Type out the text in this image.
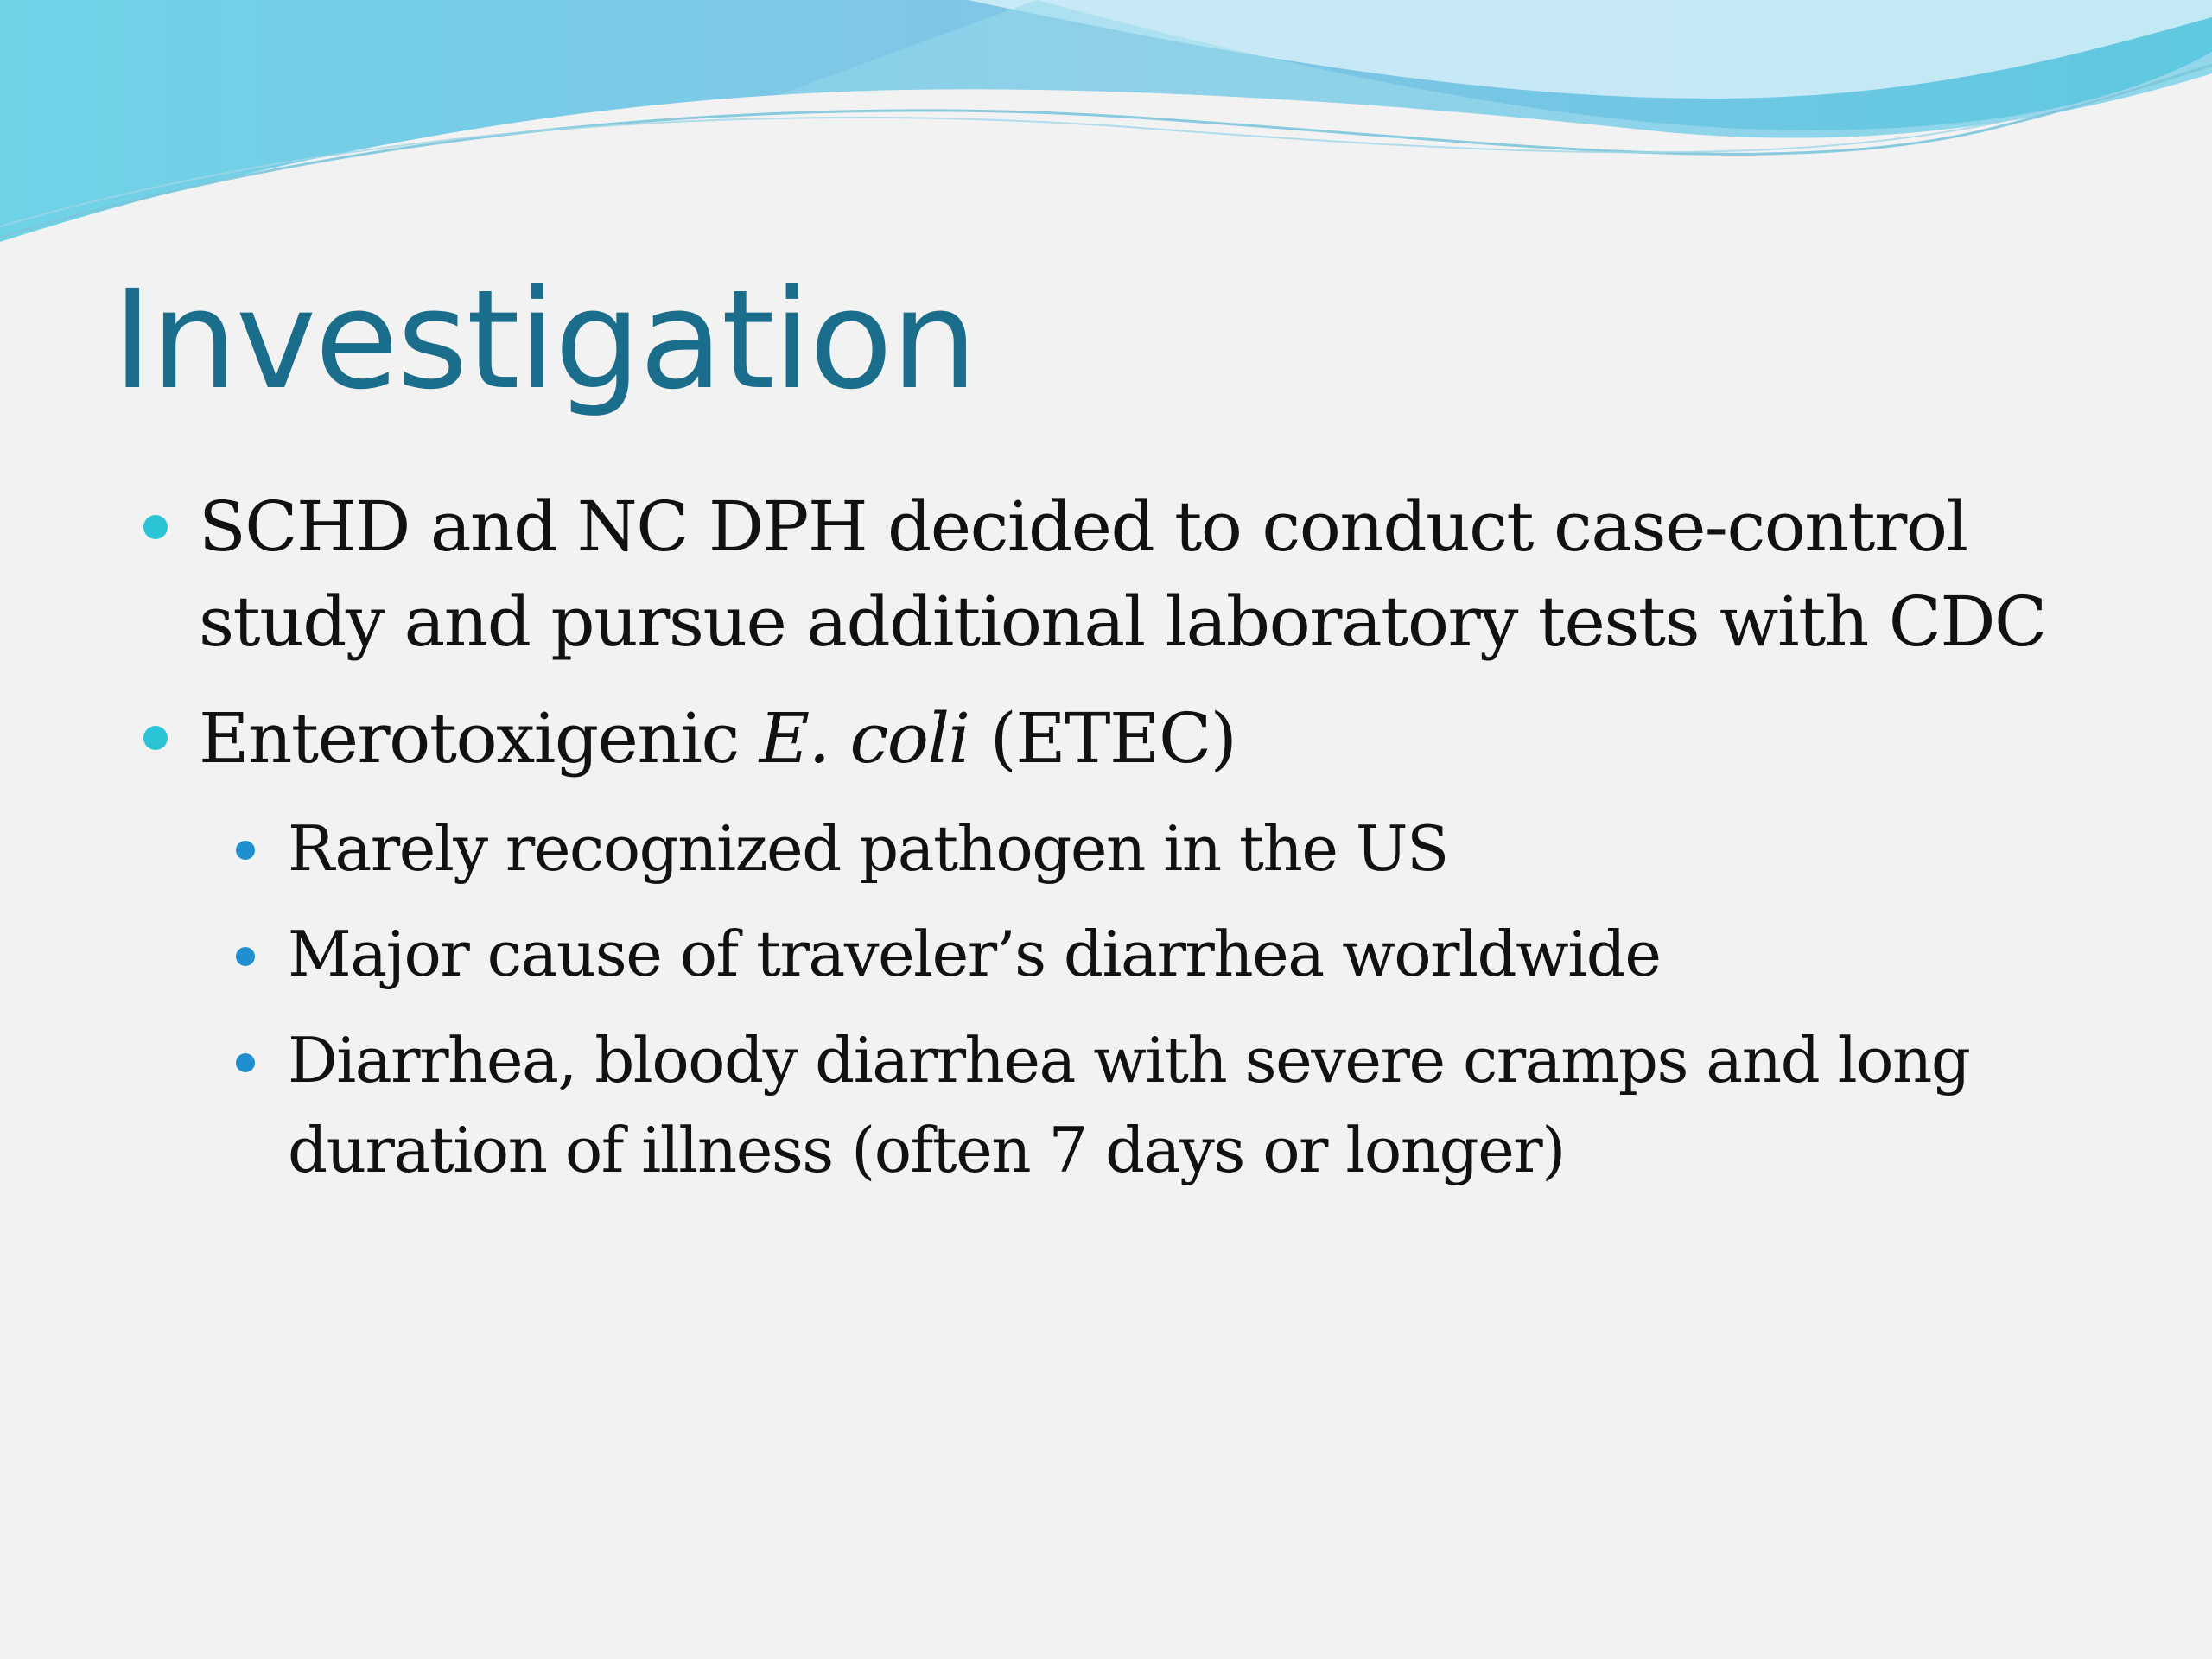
Investigation
SCHD and NC DPH decided to conduct case-control
study and pursue additional laboratory tests with CDC
Enterotoxigenic E. coli (ETEC)
Rarely recognized pathogen in the US
Major cause of traveler’s diarrhea worldwide
Diarrhea, bloody diarrhea with severe cramps and long
duration of illness (often 7 days or longer)
